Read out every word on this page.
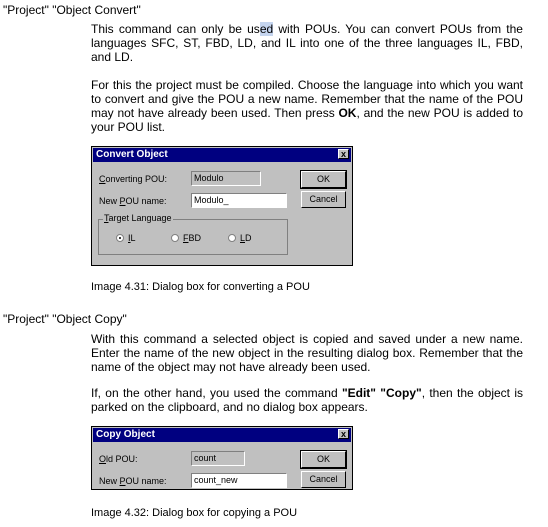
"Project" "Object Convert"

This command can only be used with POUs. You can convert POUs from the languages SFC, ST, FBD, LD, and IL into one of the three languages IL, FBD, and LD.

For this the project must be compiled. Choose the language into which you want to convert and give the POU a new name. Remember that the name of the POU may not have already been used. Then press OK, and the new POU is added to your POU list.

Convert Object	x
Converting POU:	Modulo
New POU name:	Modulo_
OK
Cancel
Target Language
IL	FBD	LD
Image 4.31: Dialog box for converting a POU
"Project" "Object Copy"

With this command a selected object is copied and saved under a new name. Enter the name of the new object in the resulting dialog box. Remember that the name of the object may not have already been used.

If, on the other hand, you used the command "Edit" "Copy", then the object is parked on the clipboard, and no dialog box appears.

Copy Object	x
Old POU:	count
New POU name:	count_new
OK
Cancel
Image 4.32: Dialog box for copying a POU
